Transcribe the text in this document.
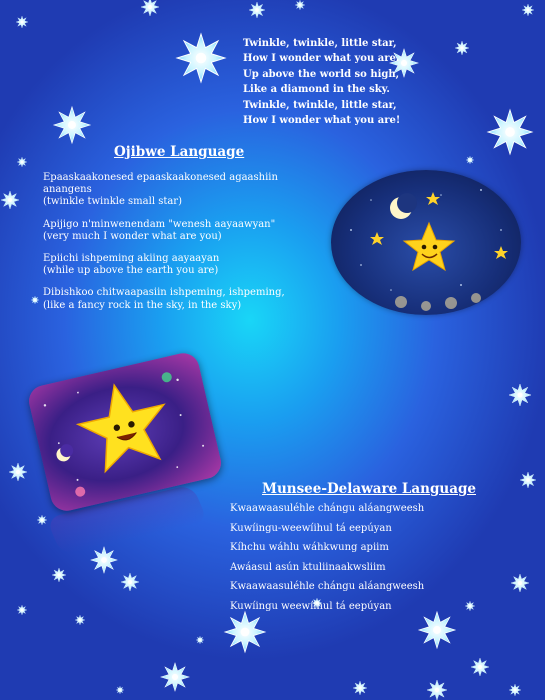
Twinkle, twinkle, little star,
How I wonder what you are.
Up above the world so high,
Like a diamond in the sky.
Twinkle, twinkle, little star,
How I wonder what you are!
Ojibwe Language

Epaaskaakonesed epaaskaakonesed agaashiin anangens
(twinkle twinkle small star)

Apijigo n'minwenendam "wenesh aayaawyan"
(very much I wonder what are you)

Epiichi ishpeming akiing aayaayan
(while up above the earth you are)

Dibishkoo chitwaapasiin ishpeming, ishpeming,
(like a fancy rock in the sky, in the sky)

Munsee-Delaware Language
Kwaawaasuléhle chángu aláangweesh
Kuwíingu-weewíihul tá eepúyan
Kíhchu wáhlu wáhkwung apiim
Awáasul asún ktuliinaakwsliim
Kwaawaasuléhle chángu aláangweesh
Kuwíingu weewíihul tá eepúyan
